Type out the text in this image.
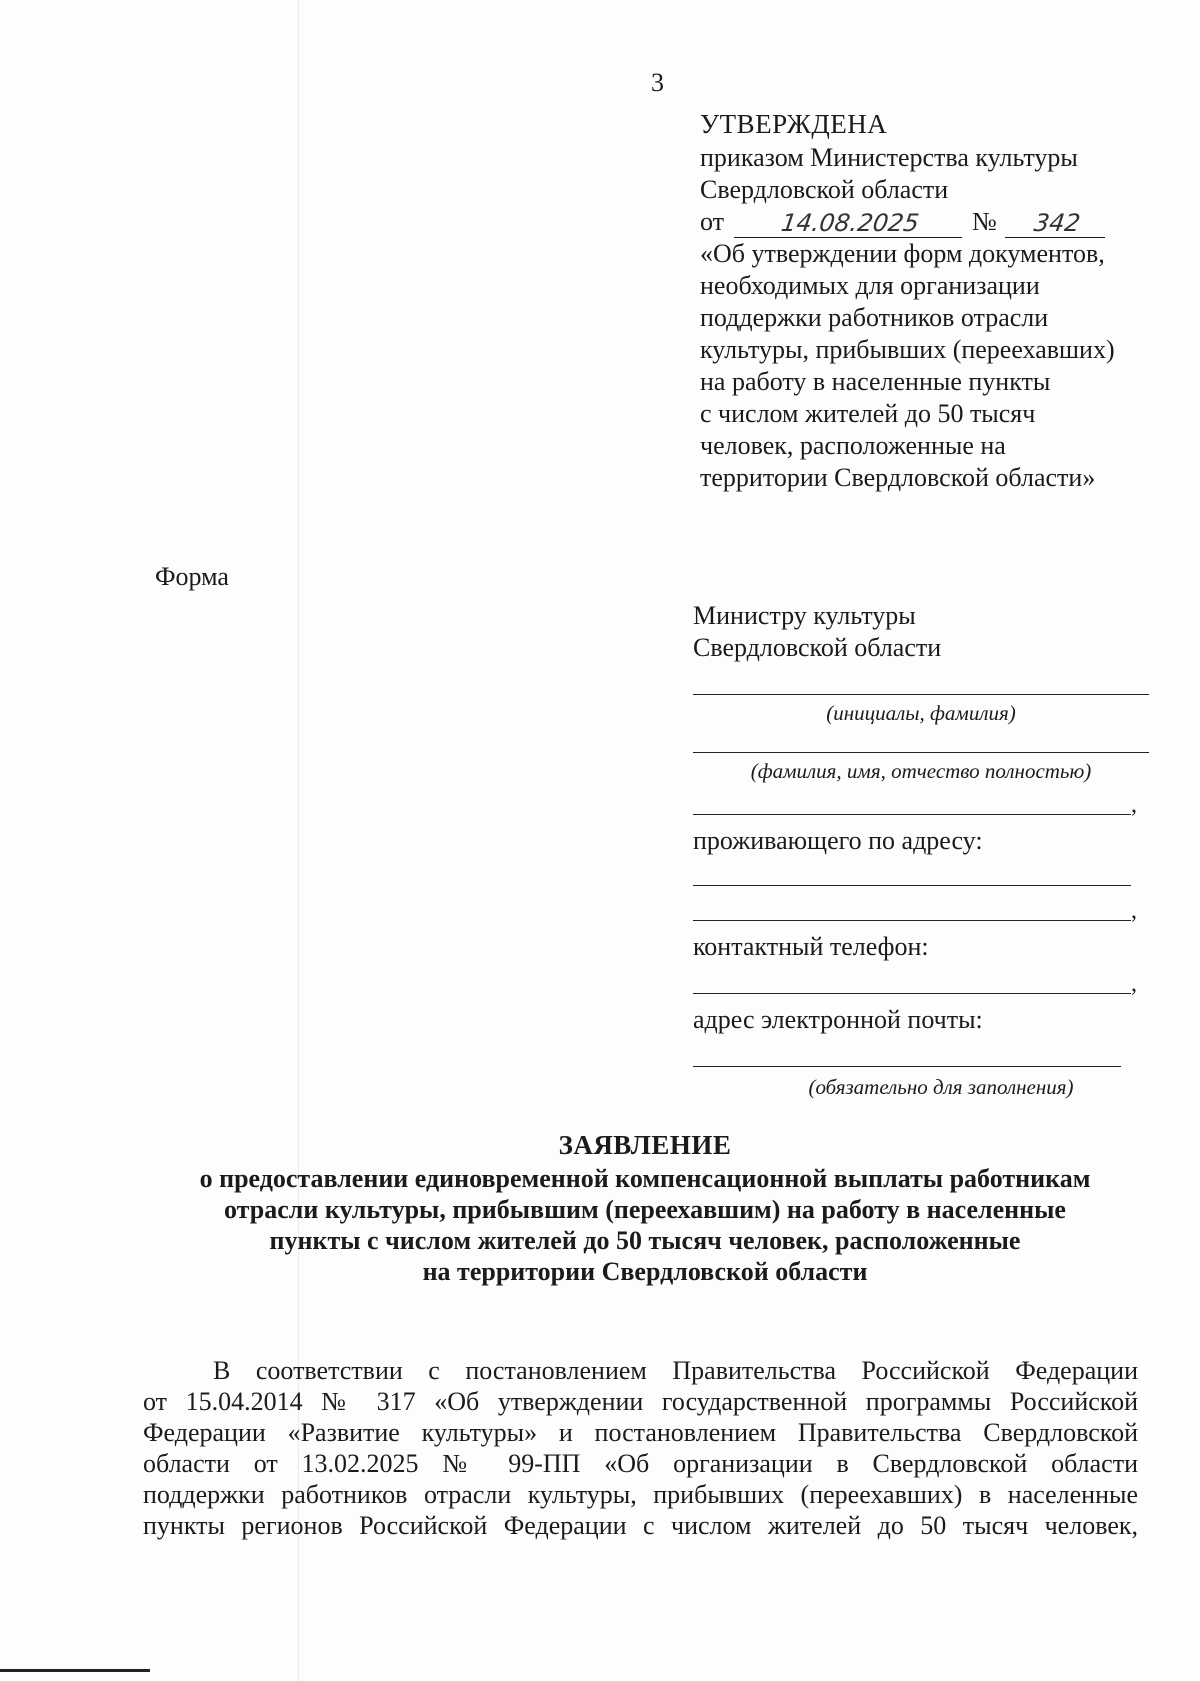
3
УТВЕРЖДЕНА
приказом Министерства культуры
Свердловской области
от	14.08.2025	№	342
«Об утверждении форм документов,
необходимых для организации
поддержки работников отрасли
культуры, прибывших (переехавших)
на работу в населенные пункты
с числом жителей до 50 тысяч
человек, расположенные на
территории Свердловской области»
Форма
Министру культуры
Свердловской области
(инициалы, фамилия)
(фамилия, имя, отчество полностью)
,
проживающего по адресу:
,
контактный телефон:
,
адрес электронной почты:
(обязательно для заполнения)
ЗАЯВЛЕНИЕ
о предоставлении единовременной компенсационной выплаты работникам
отрасли культуры, прибывшим (переехавшим) на работу в населенные
пункты с числом жителей до 50 тысяч человек, расположенные
на территории Свердловской области
В соответствии с постановлением Правительства Российской Федерации
от 15.04.2014 № 317 «Об утверждении государственной программы Российской
Федерации «Развитие культуры» и постановлением Правительства Свердловской
области от 13.02.2025 № 99-ПП «Об организации в Свердловской области
поддержки работников отрасли культуры, прибывших (переехавших) в населенные
пункты регионов Российской Федерации с числом жителей до 50 тысяч человек,
